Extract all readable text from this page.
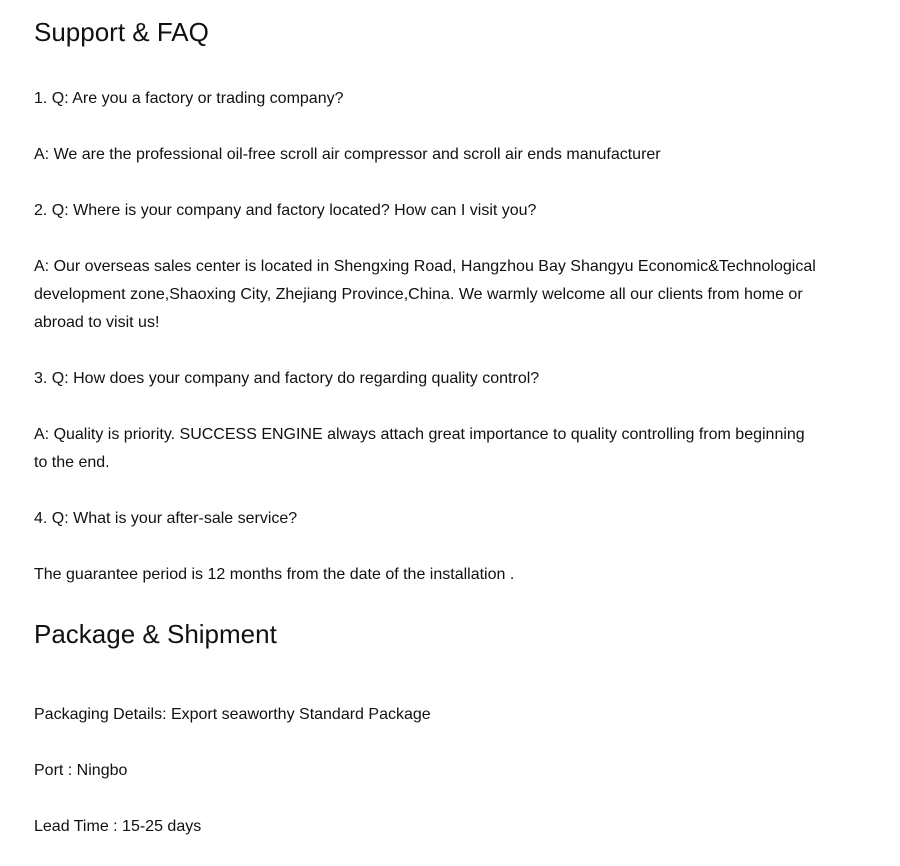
Support & FAQ
1. Q: Are you a factory or trading company?
A: We are the professional oil-free scroll air compressor and scroll air ends manufacturer
2. Q: Where is your company and factory located? How can I visit you?
A: Our overseas sales center is located in Shengxing Road, Hangzhou Bay Shangyu Economic&Technological
development zone,Shaoxing City, Zhejiang Province,China. We warmly welcome all our clients from home or
abroad to visit us!
3. Q: How does your company and factory do regarding quality control?
A: Quality is priority. SUCCESS ENGINE always attach great importance to quality controlling from beginning
to the end.
4. Q: What is your after-sale service?
The guarantee period is 12 months from the date of the installation .
Package & Shipment
Packaging Details: Export seaworthy Standard Package
Port : Ningbo
Lead Time : 15-25 days
